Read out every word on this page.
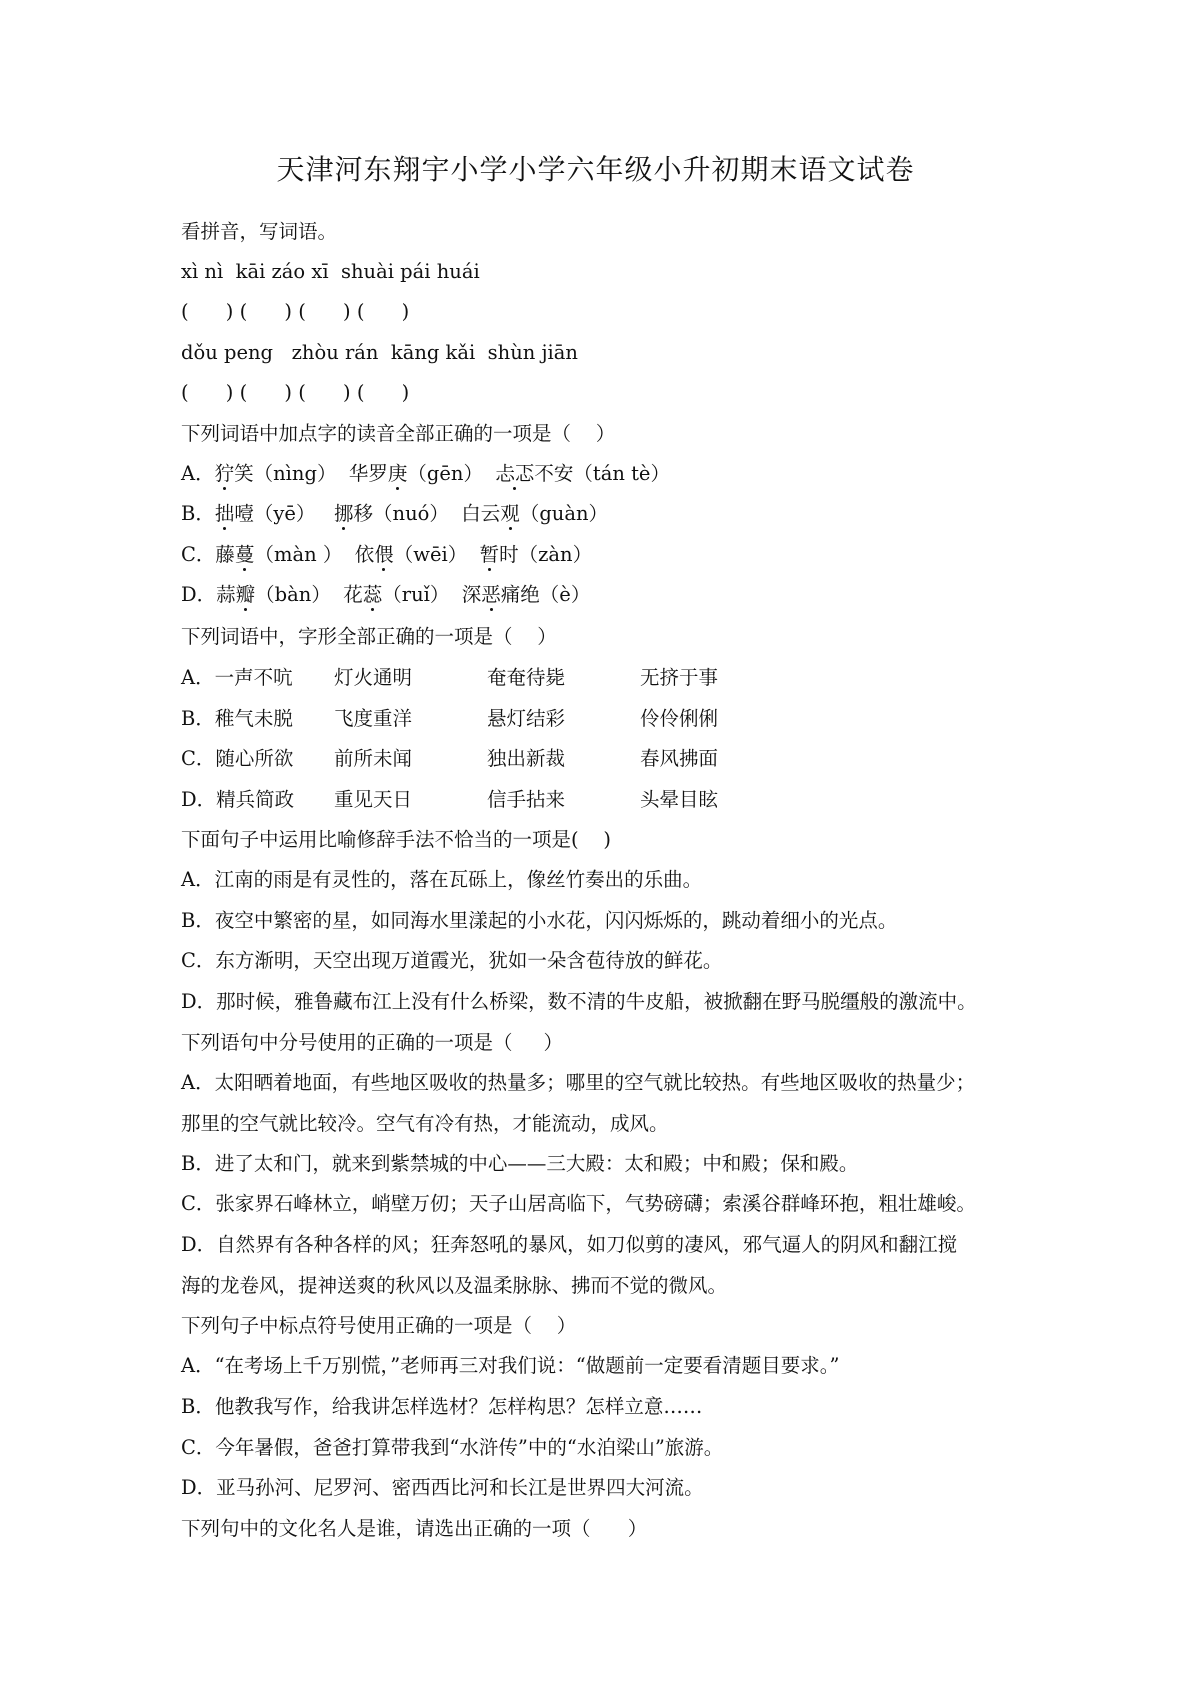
天津河东翔宇小学小学六年级小升初期末语文试卷
看拼音，写词语。
xì nì  kāi záo xī  shuài pái huái
(      ) (      ) (      ) (      )
dǒu peng   zhòu rán  kāng kǎi  shùn jiān
(      ) (      ) (      ) (      )
下列词语中加点字的读音全部正确的一项是（    ）
A．狞笑（nìng）  华罗庚（gēn）  忐忑不安（tán tè）
B．拙噎（yē）   挪移（nuó）  白云观（guàn）
C．藤蔓（màn ）  依偎（wēi）  暂时（zàn）
D．蒜瓣（bàn）  花蕊（ruǐ）  深恶痛绝（è）
下列词语中，字形全部正确的一项是（    ）
A．一声不吭 灯火通明	奄奄待毙	无挤于事
B．稚气未脱 飞度重洋	悬灯结彩	伶伶俐俐
C．随心所欲 前所未闻	独出新裁	春风拂面
D．精兵简政 重见天日	信手拈来	头晕目眩
下面句子中运用比喻修辞手法不恰当的一项是(    )
A．江南的雨是有灵性的，落在瓦砾上，像丝竹奏出的乐曲。
B．夜空中繁密的星，如同海水里漾起的小水花，闪闪烁烁的，跳动着细小的光点。
C．东方渐明，天空出现万道霞光，犹如一朵含苞待放的鲜花。
D．那时候，雅鲁藏布江上没有什么桥梁，数不清的牛皮船，被掀翻在野马脱缰般的激流中。
下列语句中分号使用的正确的一项是（     ）
A．太阳晒着地面，有些地区吸收的热量多；哪里的空气就比较热。有些地区吸收的热量少；
那里的空气就比较冷。空气有冷有热，才能流动，成风。
B．进了太和门，就来到紫禁城的中心——三大殿：太和殿；中和殿；保和殿。
C．张家界石峰林立，峭壁万仞；天子山居高临下，气势磅礴；索溪谷群峰环抱，粗壮雄峻。
D．自然界有各种各样的风；狂奔怒吼的暴风，如刀似剪的凄风，邪气逼人的阴风和翻江搅
海的龙卷风，提神送爽的秋风以及温柔脉脉、拂而不觉的微风。
下列句子中标点符号使用正确的一项是（    ）
A．“在考场上千万别慌，”老师再三对我们说：“做题前一定要看清题目要求。”
B．他教我写作，给我讲怎样选材？怎样构思？怎样立意……
C．今年暑假，爸爸打算带我到“水浒传”中的“水泊梁山”旅游。
D．亚马孙河、尼罗河、密西西比河和长江是世界四大河流。
下列句中的文化名人是谁，请选出正确的一项（      ）
